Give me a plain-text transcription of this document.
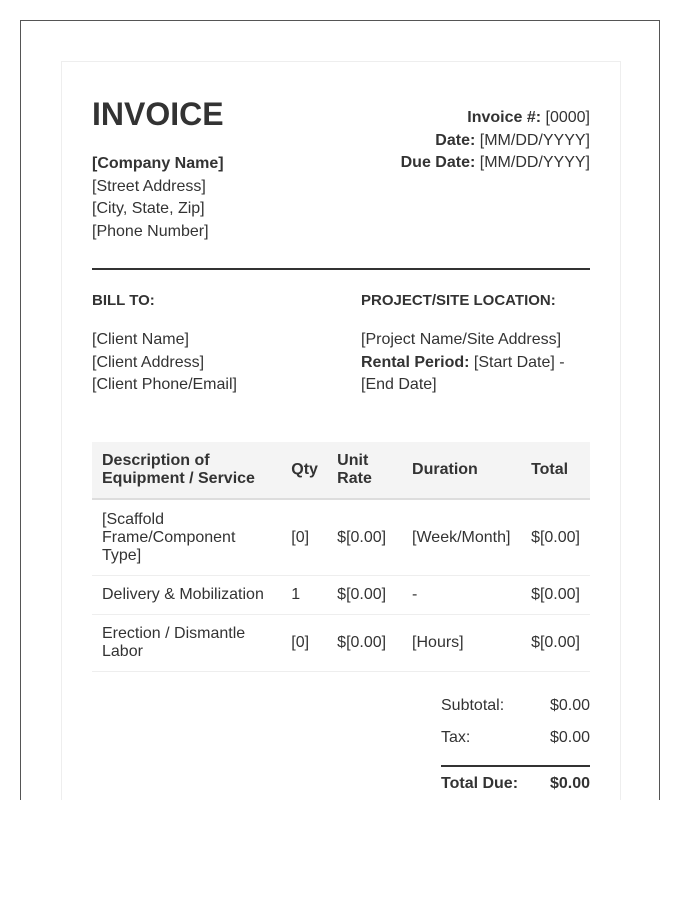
INVOICE
[Company Name]
[Street Address]
[City, State, Zip]
[Phone Number]
Invoice #: [0000]
Date: [MM/DD/YYYY]
Due Date: [MM/DD/YYYY]
BILL TO:	PROJECT/SITE LOCATION:
[Client Name]
[Client Address]
[Client Phone/Email]
[Project Name/Site Address]
Rental Period: [Start Date] -
[End Date]
Description of Equipment / Service	Qty	Unit Rate	Duration	Total
[Scaffold Frame/Component Type]	[0]	$[0.00]	[Week/Month]	$[0.00]
Delivery & Mobilization	1	$[0.00]	-	$[0.00]
Erection / Dismantle Labor	[0]	$[0.00]	[Hours]	$[0.00]
Subtotal:	$0.00
Tax:	$0.00
Total Due: $0.00
